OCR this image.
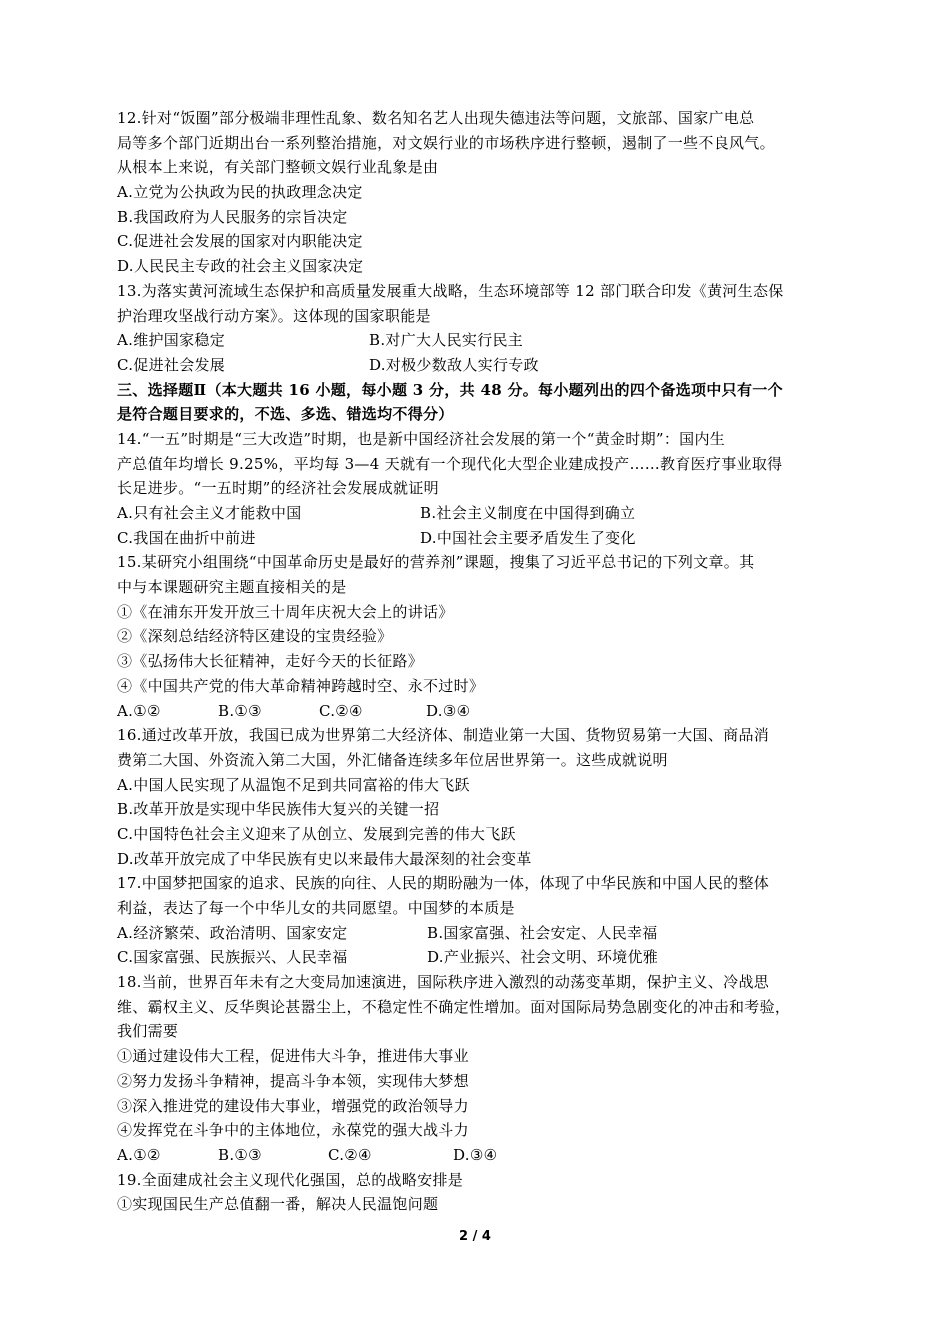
12.针对“饭圈”部分极端非理性乱象、数名知名艺人出现失德违法等问题，文旅部、国家广电总
局等多个部门近期出台一系列整治措施，对文娱行业的市场秩序进行整顿，遏制了一些不良风气。
从根本上来说，有关部门整顿文娱行业乱象是由
A.立党为公执政为民的执政理念决定
B.我国政府为人民服务的宗旨决定
C.促进社会发展的国家对内职能决定
D.人民民主专政的社会主义国家决定
13.为落实黄河流域生态保护和高质量发展重大战略，生态环境部等 12 部门联合印发《黄河生态保
护治理攻坚战行动方案》。这体现的国家职能是
A.维护国家稳定	B.对广大人民实行民主
C.促进社会发展	D.对极少数敌人实行专政
三、选择题Ⅱ（本大题共 16 小题，每小题 3 分，共 48 分。每小题列出的四个备选项中只有一个
是符合题目要求的，不选、多选、错选均不得分）
14.“一五”时期是“三大改造”时期，也是新中国经济社会发展的第一个“黄金时期”：国内生
产总值年均增长 9.25%，平均每 3—4 天就有一个现代化大型企业建成投产……教育医疗事业取得
长足进步。“一五时期”的经济社会发展成就证明
A.只有社会主义才能救中国	B.社会主义制度在中国得到确立
C.我国在曲折中前进	D.中国社会主要矛盾发生了变化
15.某研究小组围绕“中国革命历史是最好的营养剂”课题，搜集了习近平总书记的下列文章。其
中与本课题研究主题直接相关的是
①《在浦东开发开放三十周年庆祝大会上的讲话》
②《深刻总结经济特区建设的宝贵经验》
③《弘扬伟大长征精神，走好今天的长征路》
④《中国共产党的伟大革命精神跨越时空、永不过时》
A.①②	B.①③	C.②④	D.③④
16.通过改革开放，我国已成为世界第二大经济体、制造业第一大国、货物贸易第一大国、商品消
费第二大国、外资流入第二大国，外汇储备连续多年位居世界第一。这些成就说明
A.中国人民实现了从温饱不足到共同富裕的伟大飞跃
B.改革开放是实现中华民族伟大复兴的关键一招
C.中国特色社会主义迎来了从创立、发展到完善的伟大飞跃
D.改革开放完成了中华民族有史以来最伟大最深刻的社会变革
17.中国梦把国家的追求、民族的向往、人民的期盼融为一体，体现了中华民族和中国人民的整体
利益，表达了每一个中华儿女的共同愿望。中国梦的本质是
A.经济繁荣、政治清明、国家安定	B.国家富强、社会安定、人民幸福
C.国家富强、民族振兴、人民幸福	D.产业振兴、社会文明、环境优雅
18.当前，世界百年未有之大变局加速演进，国际秩序进入激烈的动荡变革期，保护主义、冷战思
维、霸权主义、反华舆论甚嚣尘上，不稳定性不确定性增加。面对国际局势急剧变化的冲击和考验，
我们需要
①通过建设伟大工程，促进伟大斗争，推进伟大事业
②努力发扬斗争精神，提高斗争本领，实现伟大梦想
③深入推进党的建设伟大事业，增强党的政治领导力
④发挥党在斗争中的主体地位，永葆党的强大战斗力
A.①②	B.①③	C.②④	D.③④
19.全面建成社会主义现代化强国，总的战略安排是
①实现国民生产总值翻一番，解决人民温饱问题
2 / 4
